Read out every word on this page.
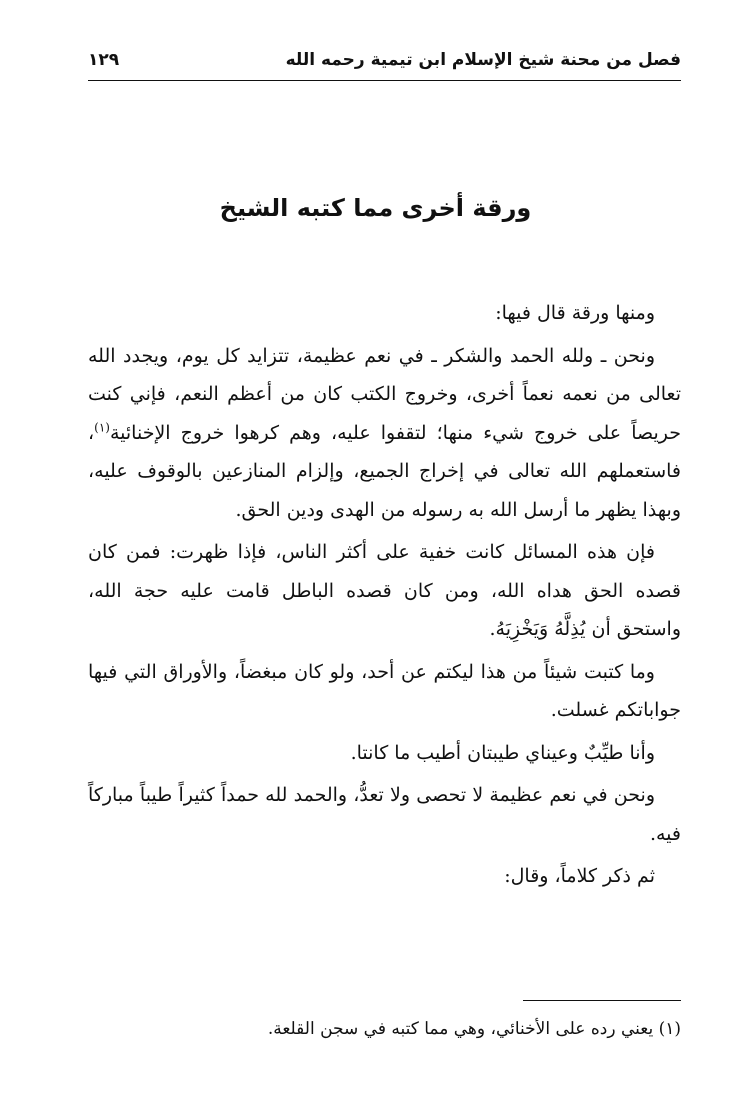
فصل من محنة شيخ الإسلام ابن تيمية رحمه الله
١٢٩
ورقة أخرى مما كتبه الشيخ

ومنها ورقة قال فيها:

ونحن ـ ولله الحمد والشكر ـ في نعم عظيمة، تتزايد كل يوم، ويجدد الله تعالى من نعمه نعماً أخرى، وخروج الكتب كان من أعظم النعم، فإني كنت حريصاً على خروج شيء منها؛ لتقفوا عليه، وهم كرهوا خروج الإخنائية$^{(١)}$، فاستعملهم الله تعالى في إخراج الجميع، وإلزام المنازعين بالوقوف عليه، وبهذا يظهر ما أرسل الله به رسوله من الهدى ودين الحق.

فإن هذه المسائل كانت خفية على أكثر الناس، فإذا ظهرت: فمن كان قصده الحق هداه الله، ومن كان قصده الباطل قامت عليه حجة الله، واستحق أن يُذِلَّهُ وَيَخْزِيَهُ.

وما كتبت شيئاً من هذا ليكتم عن أحد، ولو كان مبغضاً، والأوراق التي فيها جواباتكم غسلت.

وأنا طيِّبٌ وعيناي طيبتان أطيب ما كانتا.

ونحن في نعم عظيمة لا تحصى ولا تعدُّ، والحمد لله حمداً كثيراً طيباً مباركاً فيه.

ثم ذكر كلاماً، وقال:

(١) يعني رده على الأخنائي، وهي مما كتبه في سجن القلعة.
